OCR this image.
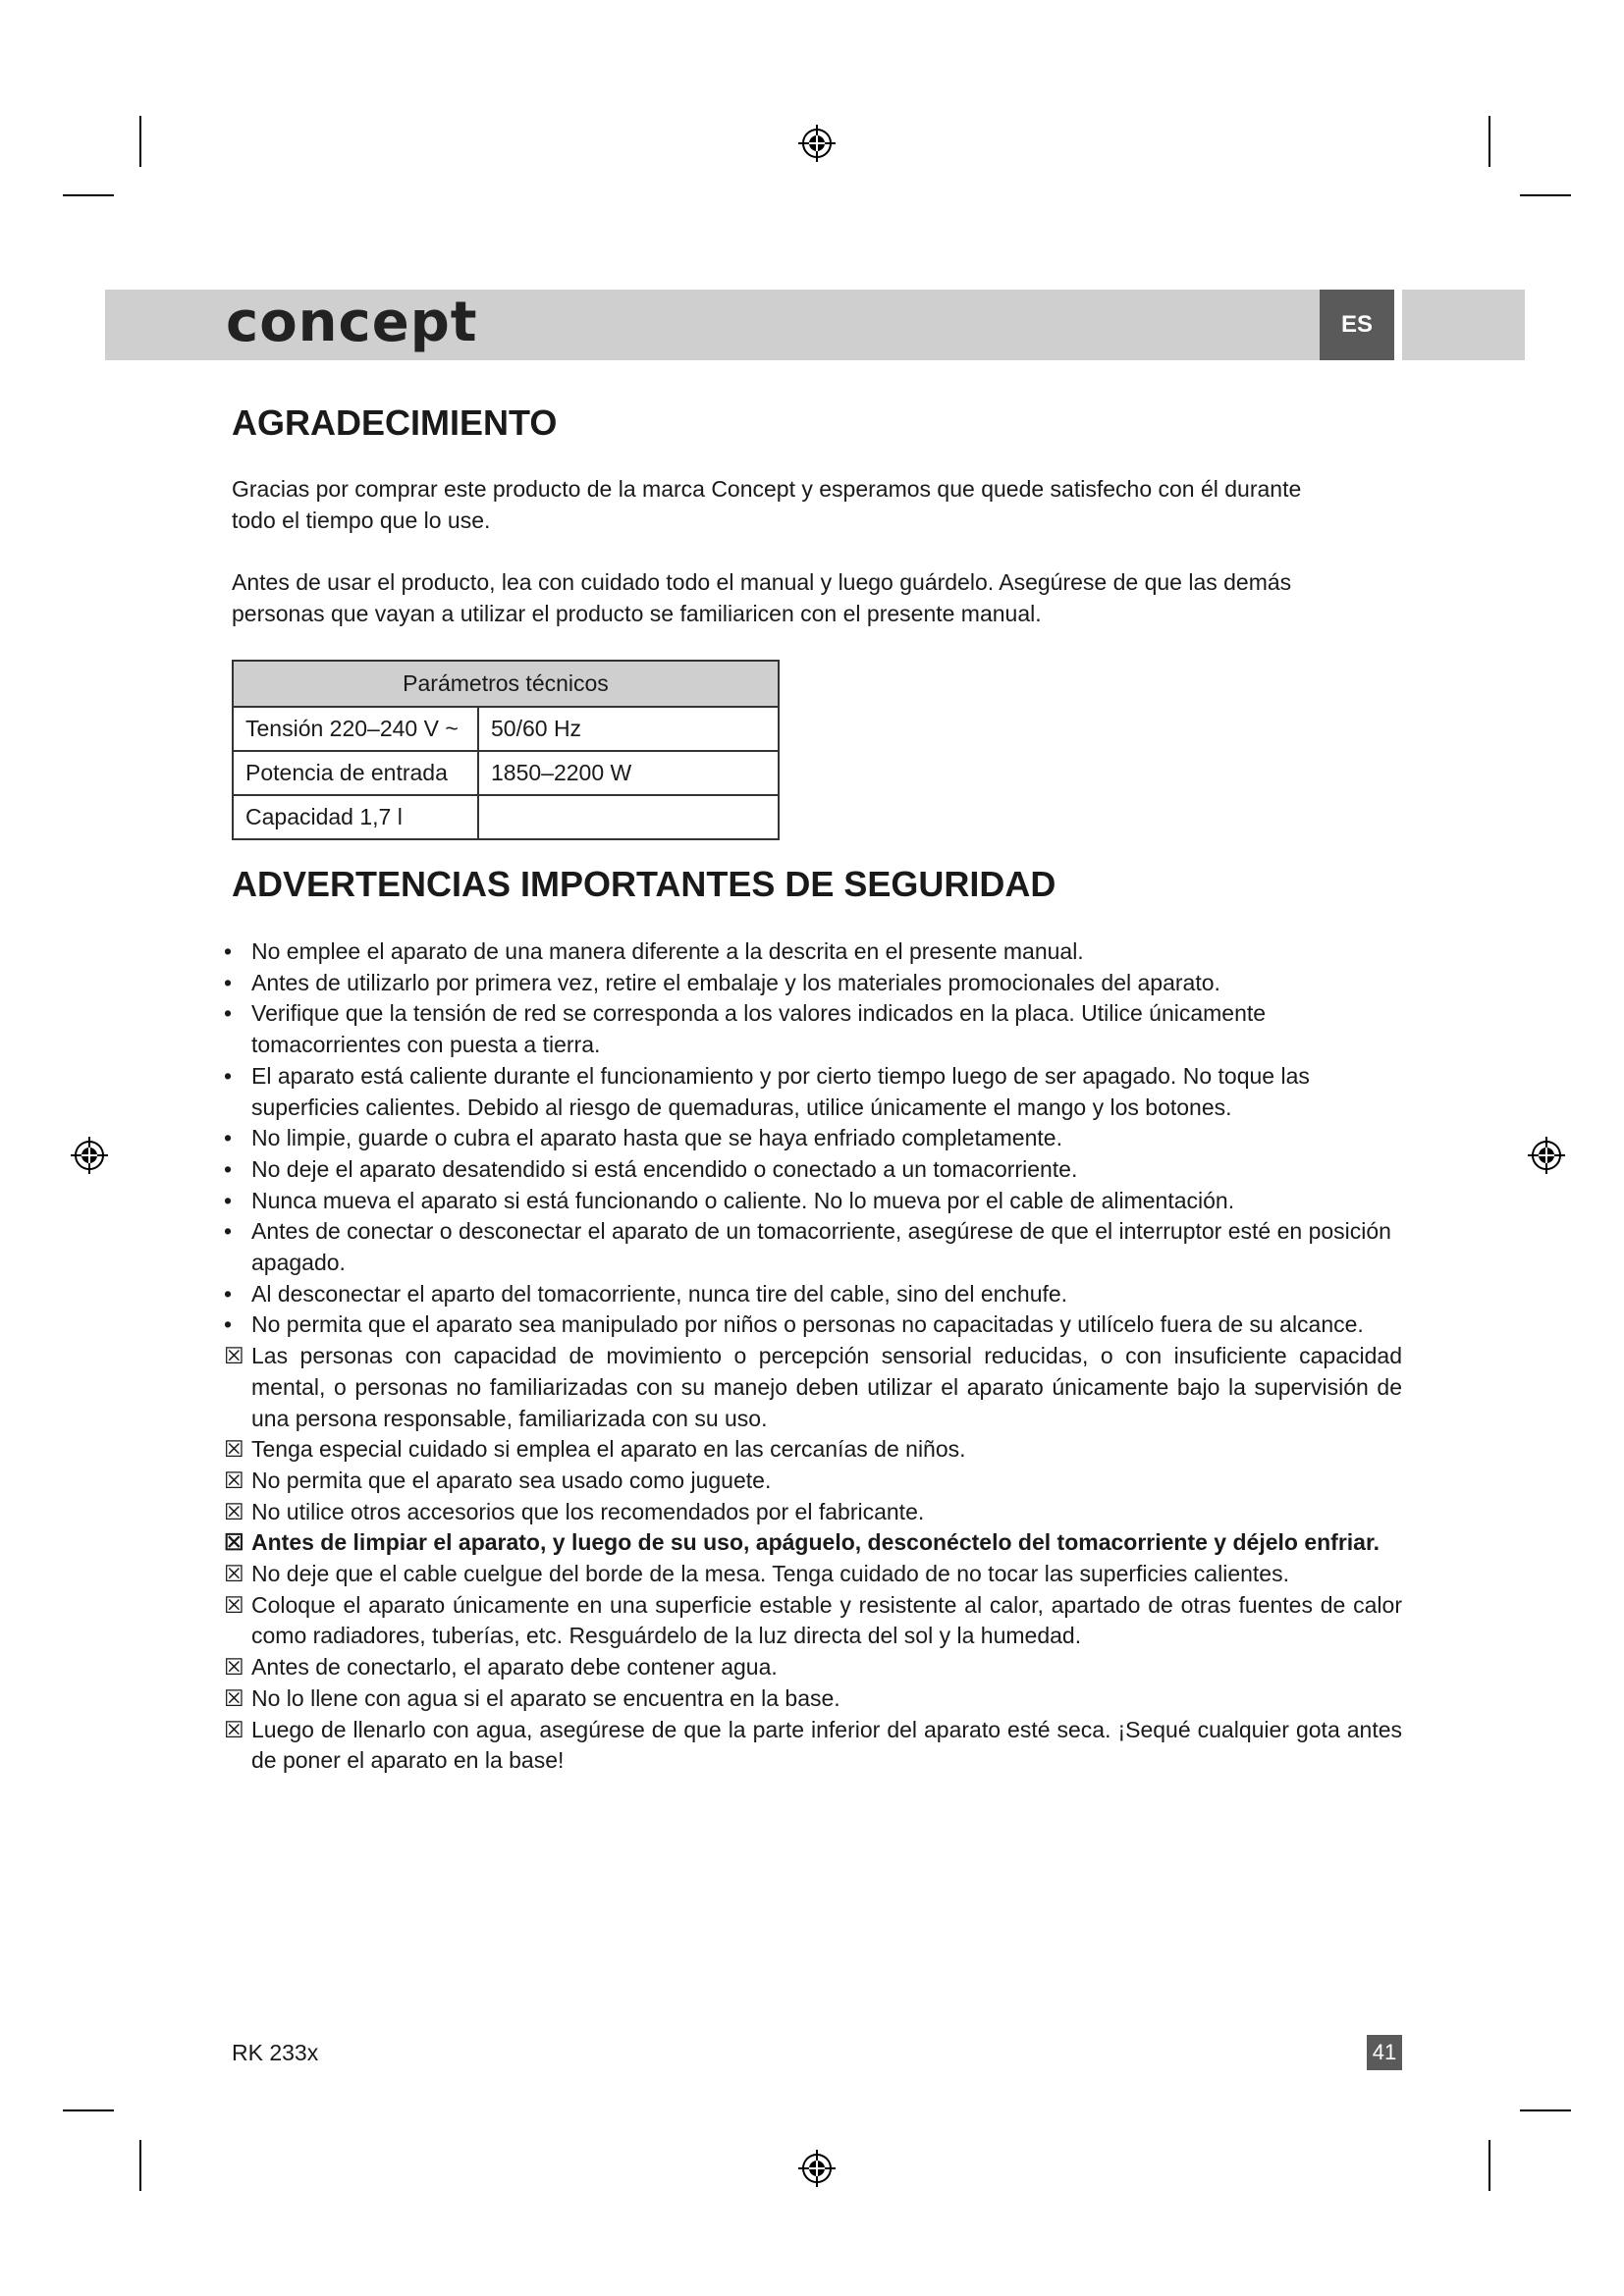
concept	ES
AGRADECIMIENTO

Gracias por comprar este producto de la marca Concept y esperamos que quede satisfecho con él durante
todo el tiempo que lo use.

Antes de usar el producto, lea con cuidado todo el manual y luego guárdelo. Asegúrese de que las demás
personas que vayan a utilizar el producto se familiaricen con el presente manual.

Parámetros técnicos	
Tensión 220–240 V ~	50/60 Hz
Potencia de entrada	1850–2200 W
Capacidad 1,7 l	
ADVERTENCIAS IMPORTANTES DE SEGURIDAD
• No emplee el aparato de una manera diferente a la descrita en el presente manual.
• Antes de utilizarlo por primera vez, retire el embalaje y los materiales promocionales del aparato.
• Verifique que la tensión de red se corresponda a los valores indicados en la placa. Utilice únicamente tomacorrientes con puesta a tierra.
• El aparato está caliente durante el funcionamiento y por cierto tiempo luego de ser apagado. No toque las superficies calientes. Debido al riesgo de quemaduras, utilice únicamente el mango y los botones.
• No limpie, guarde o cubra el aparato hasta que se haya enfriado completamente.
• No deje el aparato desatendido si está encendido o conectado a un tomacorriente.
• Nunca mueva el aparato si está funcionando o caliente. No lo mueva por el cable de alimentación.
• Antes de conectar o desconectar el aparato de un tomacorriente, asegúrese de que el interruptor esté en posición apagado.
• Al desconectar el aparto del tomacorriente, nunca tire del cable, sino del enchufe.
• No permita que el aparato sea manipulado por niños o personas no capacitadas y utilícelo fuera de su alcance.
☒ Las personas con capacidad de movimiento o percepción sensorial reducidas, o con insuficiente capacidad mental, o personas no familiarizadas con su manejo deben utilizar el aparato únicamente bajo la supervisión de una persona responsable, familiarizada con su uso.
☒ Tenga especial cuidado si emplea el aparato en las cercanías de niños.
☒ No permita que el aparato sea usado como juguete.
☒ No utilice otros accesorios que los recomendados por el fabricante.
☒ Antes de limpiar el aparato, y luego de su uso, apáguelo, desconéctelo del tomacorriente y déjelo enfriar.
☒ No deje que el cable cuelgue del borde de la mesa. Tenga cuidado de no tocar las superficies calientes.
☒ Coloque el aparato únicamente en una superficie estable y resistente al calor, apartado de otras fuentes de calor como radiadores, tuberías, etc. Resguárdelo de la luz directa del sol y la humedad.
☒ Antes de conectarlo, el aparato debe contener agua.
☒ No lo llene con agua si el aparato se encuentra en la base.
☒ Luego de llenarlo con agua, asegúrese de que la parte inferior del aparato esté seca. ¡Sequé cualquier gota antes de poner el aparato en la base!
RK 233x	41
